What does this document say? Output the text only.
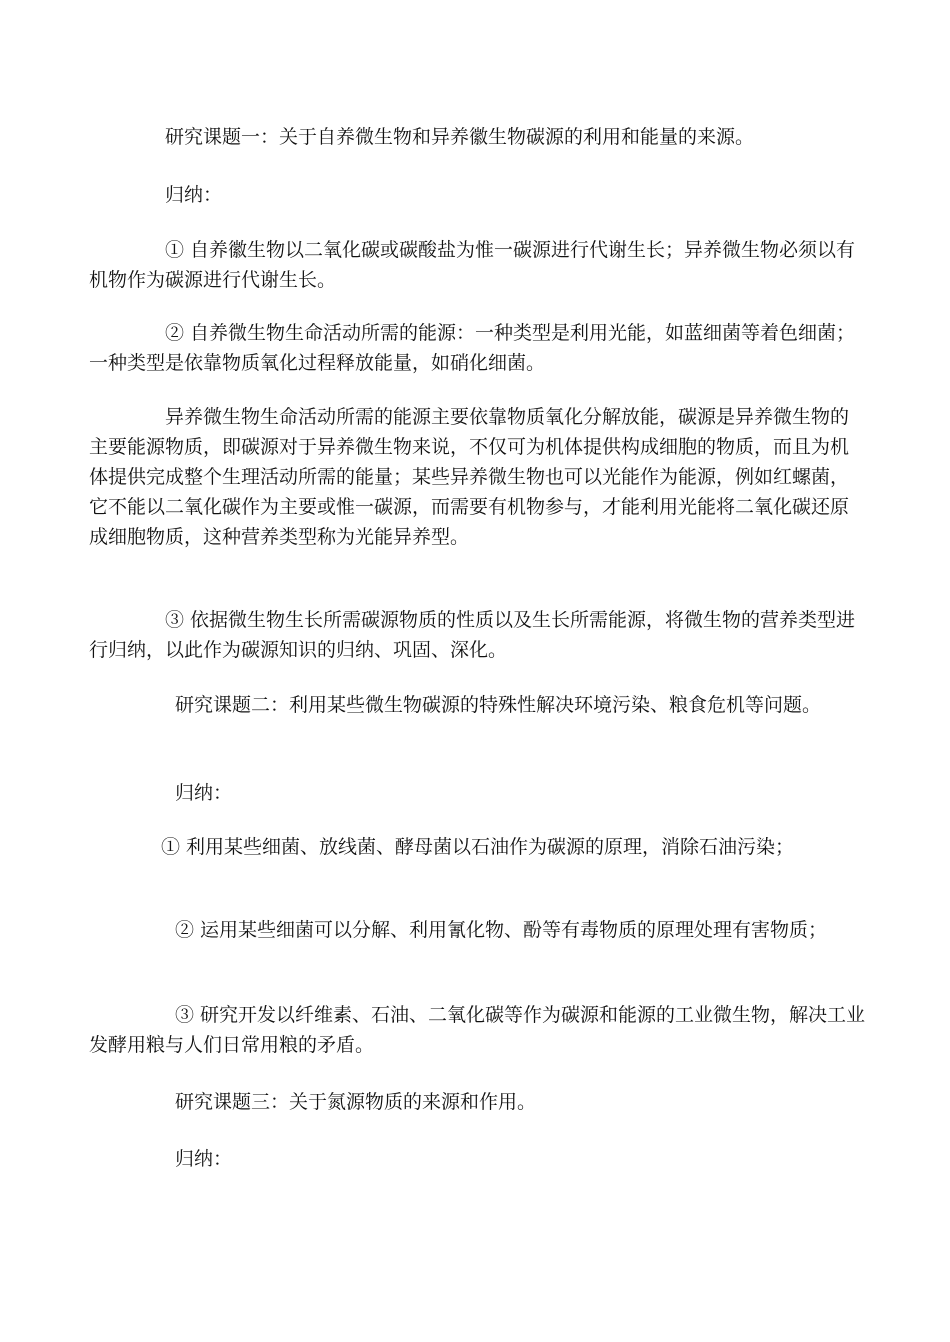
研究课题一：关于自养微生物和异养徽生物碳源的利用和能量的来源。

归纳：

① 自养徽生物以二氧化碳或碳酸盐为惟一碳源进行代谢生长；异养微生物必须以有机物作为碳源进行代谢生长。

② 自养微生物生命活动所需的能源：一种类型是利用光能，如蓝细菌等着色细菌；一种类型是依靠物质氧化过程释放能量，如硝化细菌。

异养微生物生命活动所需的能源主要依靠物质氧化分解放能，碳源是异养微生物的主要能源物质，即碳源对于异养微生物来说，不仅可为机体提供构成细胞的物质，而且为机体提供完成整个生理活动所需的能量；某些异养微生物也可以光能作为能源，例如红螺菌，它不能以二氧化碳作为主要或惟一碳源，而需要有机物参与，才能利用光能将二氧化碳还原成细胞物质，这种营养类型称为光能异养型。

③ 依据微生物生长所需碳源物质的性质以及生长所需能源，将微生物的营养类型进行归纳，以此作为碳源知识的归纳、巩固、深化。

研究课题二：利用某些微生物碳源的特殊性解决环境污染、粮食危机等问题。

归纳：

① 利用某些细菌、放线菌、酵母菌以石油作为碳源的原理，消除石油污染；

② 运用某些细菌可以分解、利用氰化物、酚等有毒物质的原理处理有害物质；

③ 研究开发以纤维素、石油、二氧化碳等作为碳源和能源的工业微生物，解决工业发酵用粮与人们日常用粮的矛盾。

研究课题三：关于氮源物质的来源和作用。

归纳：
